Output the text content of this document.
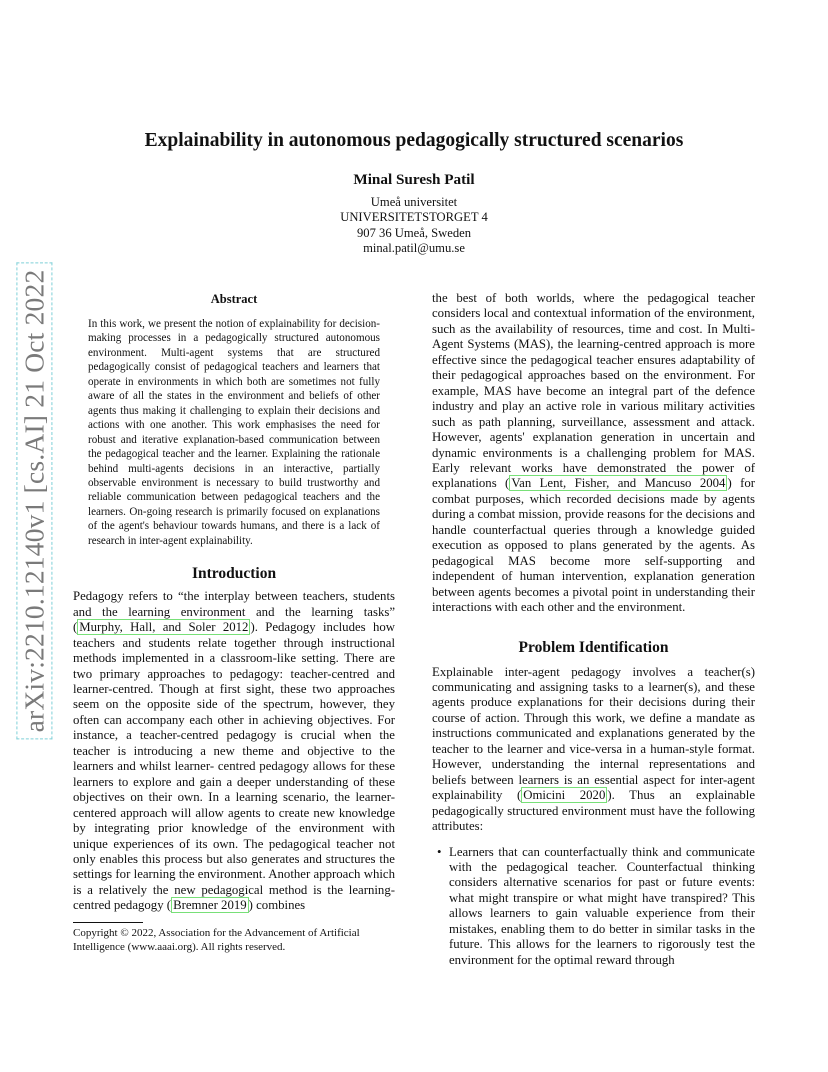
arXiv:2210.12140v1 [cs.AI] 21 Oct 2022
Explainability in autonomous pedagogically structured scenarios
Minal Suresh Patil
Umeå universitet
UNIVERSITETSTORGET 4
907 36 Umeå, Sweden
minal.patil@umu.se
Abstract
In this work, we present the notion of explainability for decision-making processes in a pedagogically structured autonomous environment. Multi-agent systems that are structured pedagogically consist of pedagogical teachers and learners that operate in environments in which both are sometimes not fully aware of all the states in the environment and beliefs of other agents thus making it challenging to explain their decisions and actions with one another. This work emphasises the need for robust and iterative explanation-based communication between the pedagogical teacher and the learner. Explaining the rationale behind multi-agents decisions in an interactive, partially observable environment is necessary to build trustworthy and reliable communication between pedagogical teachers and the learners. On-going research is primarily focused on explanations of the agent's behaviour towards humans, and there is a lack of research in inter-agent explainability.
Introduction
Pedagogy refers to “the interplay between teachers, students and the learning environment and the learning tasks” ( Murphy, Hall, and Soler 2012 ). Pedagogy includes how teachers and students relate together through instructional methods implemented in a classroom-like setting. There are two primary approaches to pedagogy: teacher-centred and learner-centred. Though at first sight, these two approaches seem on the opposite side of the spectrum, however, they often can accompany each other in achieving objectives. For instance, a teacher-centred pedagogy is crucial when the teacher is introducing a new theme and objective to the learners and whilst learner- centred pedagogy allows for these learners to explore and gain a deeper understanding of these objectives on their own. In a learning scenario, the learner-centered approach will allow agents to create new knowledge by integrating prior knowledge of the environment with unique experiences of its own. The pedagogical teacher not only enables this process but also generates and structures the settings for learning the environment. Another approach which is a relatively the new pedagogical method is the learning-centred pedagogy ( Bremner 2019 ) combines
Copyright © 2022, Association for the Advancement of Artificial Intelligence (www.aaai.org). All rights reserved.
the best of both worlds, where the pedagogical teacher considers local and contextual information of the environment, such as the availability of resources, time and cost. In Multi-Agent Systems (MAS), the learning-centred approach is more effective since the pedagogical teacher ensures adaptability of their pedagogical approaches based on the environment. For example, MAS have become an integral part of the defence industry and play an active role in various military activities such as path planning, surveillance, assessment and attack. However, agents' explanation generation in uncertain and dynamic environments is a challenging problem for MAS. Early relevant works have demonstrated the power of explanations ( Van Lent, Fisher, and Mancuso 2004 ) for combat purposes, which recorded decisions made by agents during a combat mission, provide reasons for the decisions and handle counterfactual queries through a knowledge guided execution as opposed to plans generated by the agents. As pedagogical MAS become more self-supporting and independent of human intervention, explanation generation between agents becomes a pivotal point in understanding their interactions with each other and the environment.
Problem Identification
Explainable inter-agent pedagogy involves a teacher(s) communicating and assigning tasks to a learner(s), and these agents produce explanations for their decisions during their course of action. Through this work, we define a mandate as instructions communicated and explanations generated by the teacher to the learner and vice-versa in a human-style format. However, understanding the internal representations and beliefs between learners is an essential aspect for inter-agent explainability ( Omicini 2020 ). Thus an explainable pedagogically structured environment must have the following attributes:
• Learners that can counterfactually think and communicate with the pedagogical teacher. Counterfactual thinking considers alternative scenarios for past or future events: what might transpire or what might have transpired? This allows learners to gain valuable experience from their mistakes, enabling them to do better in similar tasks in the future. This allows for the learners to rigorously test the environment for the optimal reward through
